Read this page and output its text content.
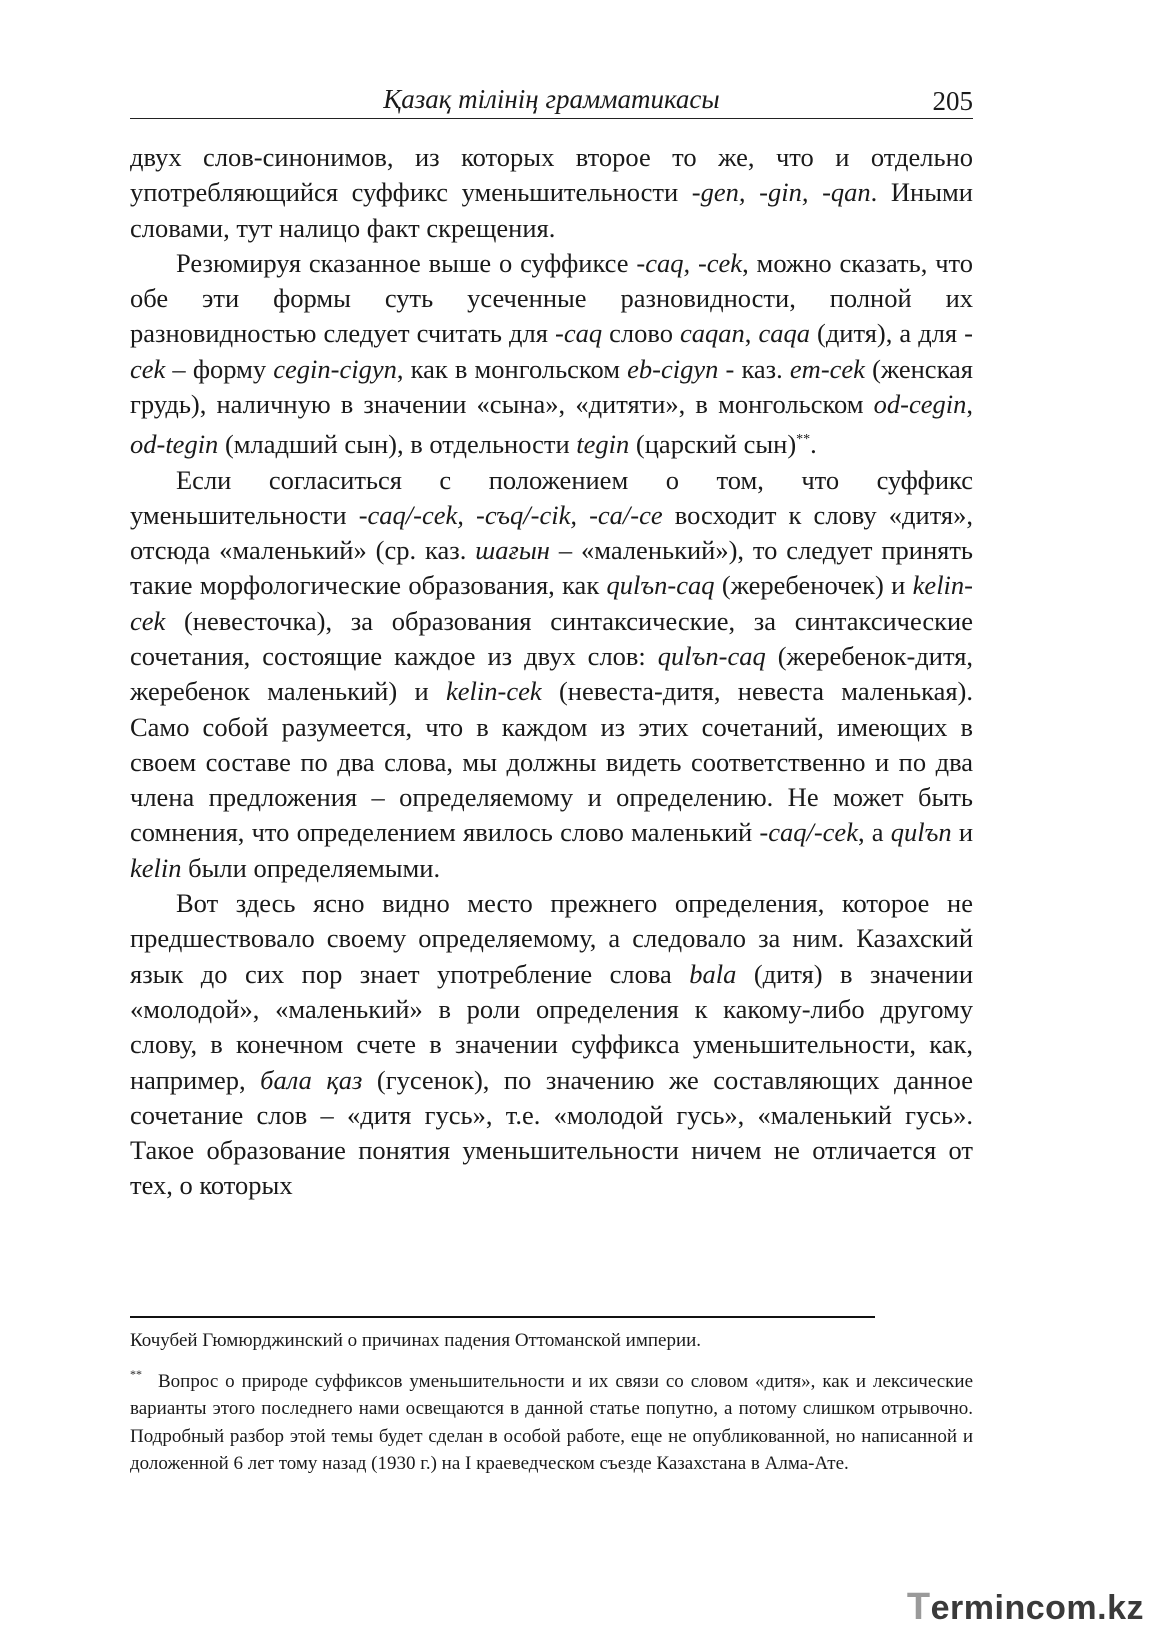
Қазақ тілінің грамматикасы	205

двух слов-синонимов, из которых второе то же, что и отдельно употребляющийся суффикс уменьшительности -gen, -gin, -qan. Иными словами, тут налицо факт скрещения.

Резюмируя сказанное выше о суффиксе -caq, -cek, можно сказать, что обе эти формы суть усеченные разновидности, полной их разновидностью следует считать для -caq слово caqan, caqa (дитя), а для -cek – форму cegin-cigyn, как в монгольском eb-cigyn - каз. em-cek (женская грудь), наличную в значении «сына», «дитяти», в монгольском od-cegin, od-tegin (младший сын), в отдельности tegin (царский сын)**.

Если согласиться с положением о том, что суффикс уменьшительности -caq/-cek, -съq/-cik, -ca/-ce восходит к слову «дитя», отсюда «маленький» (ср. каз. шағын – «маленький»), то следует принять такие морфологические образования, как qulъn-caq (жеребеночек) и kelin-cek (невесточка), за образования синтаксические, за синтаксические сочетания, состоящие каждое из двух слов: qulъn-caq (жеребенок-дитя, жеребенок маленький) и kelin-cek (невеста-дитя, невеста маленькая). Само собой разумеется, что в каждом из этих сочетаний, имеющих в своем составе по два слова, мы должны видеть соответственно и по два члена предложения – определяемому и определению. Не может быть сомнения, что определением явилось слово маленький -caq/-cek, а qulъn и kelin были определяемыми.

Вот здесь ясно видно место прежнего определения, которое не предшествовало своему определяемому, а следовало за ним. Казахский язык до сих пор знает употребление слова bala (дитя) в значении «молодой», «маленький» в роли определения к какому-либо другому слову, в конечном счете в значении суффикса уменьшительности, как, например, бала қаз (гусенок), по значению же составляющих данное сочетание слов – «дитя гусь», т.е. «молодой гусь», «маленький гусь». Такое образование понятия уменьшительности ничем не отличается от тех, о которых

Кочубей Гюмюрджинский о причинах падения Оттоманской империи.

** Вопрос о природе суффиксов уменьшительности и их связи со словом «дитя», как и лексические варианты этого последнего нами освещаются в данной статье попутно, а потому слишком отрывочно. Подробный разбор этой темы будет сделан в особой работе, еще не опубликованной, но написанной и доложенной 6 лет тому назад (1930 г.) на I краеведческом съезде Казахстана в Алма-Ате.

Termincom.kz
